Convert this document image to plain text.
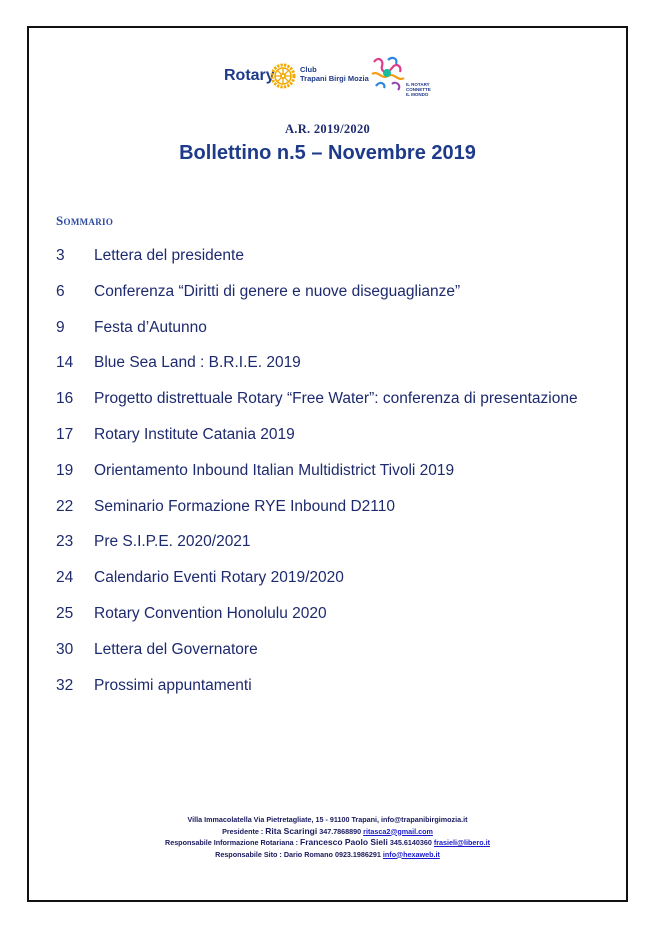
Rotary	Club
Trapani Birgi Mozia
IL ROTARY
CONNETTE
IL MONDO
A.R. 2019/2020
Bollettino n.5 – Novembre 2019
Sommario
3 Lettera del presidente
6 Conferenza “Diritti di genere e nuove diseguaglianze”
9 Festa d’Autunno
14 Blue Sea Land : B.R.I.E. 2019
16 Progetto distrettuale Rotary “Free Water”: conferenza di presentazione
17 Rotary Institute Catania 2019
19 Orientamento Inbound Italian Multidistrict Tivoli 2019
22 Seminario Formazione RYE Inbound D2110
23 Pre S.I.P.E. 2020/2021
24 Calendario Eventi Rotary 2019/2020
25 Rotary Convention Honolulu 2020
30 Lettera del Governatore
32 Prossimi appuntamenti
Villa Immacolatella Via Pietretagliate, 15 - 91100 Trapani, info@trapanibirgimozia.it
Presidente : Rita Scaringi 347.7868890 ritasca2@gmail.com
Responsabile Informazione Rotariana : Francesco Paolo Sieli 345.6140360 frasieli@libero.it
Responsabile Sito : Dario Romano 0923.1986291 info@hexaweb.it
